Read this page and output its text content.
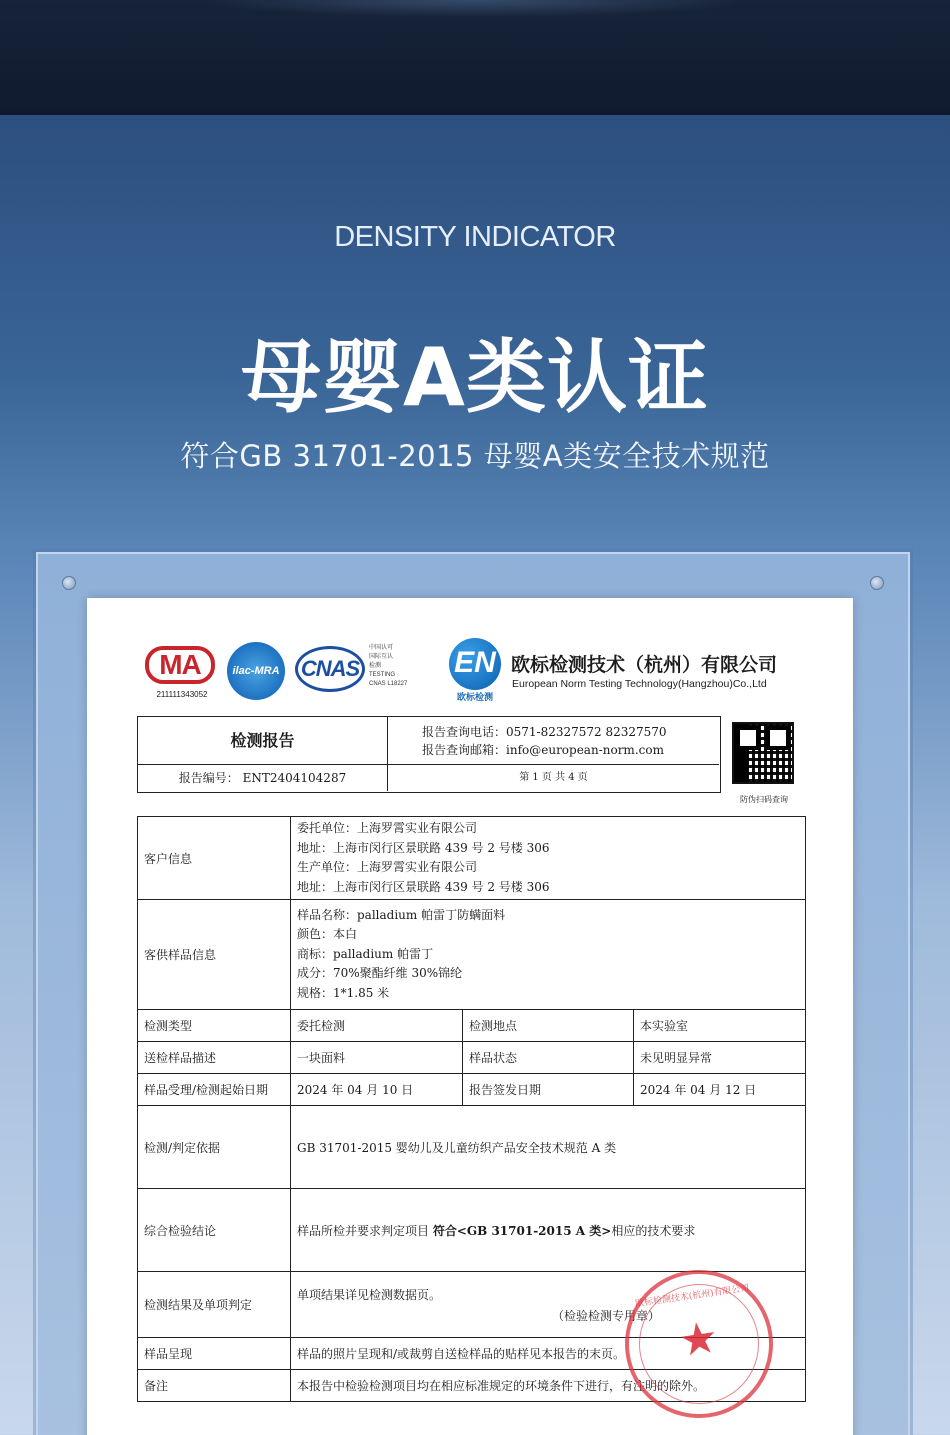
DENSITY INDICATOR
母婴A类认证
符合GB 31701-2015 母婴A类安全技术规范
MA
211111343052
ilac-MRA CNAS
中国认可
国际互认
检测
TESTING
CNAS L18227
EN
欧标检测
欧标检测技术（杭州）有限公司
European Norm Testing Technology(Hangzhou)Co.,Ltd
检测报告	报告查询电话：0571-82327572 82327570
报告查询邮箱：info@european-norm.com
报告编号： ENT2404104287	第 1 页 共 4 页
防伪扫码查询
客户信息	委托单位：上海罗霄实业有限公司
地址：上海市闵行区景联路 439 号 2 号楼 306
生产单位：上海罗霄实业有限公司
地址：上海市闵行区景联路 439 号 2 号楼 306		

客供样品信息	样品名称：palladium 帕雷丁防螨面料
颜色：本白
商标：palladium 帕雷丁
成分：70%聚酯纤维 30%锦纶
规格：1*1.85 米		

检测类型	委托检测	检测地点	本实验室
送检样品描述	一块面料	样品状态	未见明显异常
样品受理/检测起始日期	2024 年 04 月 10 日	报告签发日期	2024 年 04 月 12 日
检测/判定依据	GB 31701-2015 婴幼儿及儿童纺织产品安全技术规范 A 类		
综合检验结论	样品所检并要求判定项目 符合<GB 31701-2015 A 类>相应的技术要求		
检测结果及单项判定	单项结果详见检测数据页。
（检验检测专用章）		

样品呈现	样品的照片呈现和/或裁剪自送检样品的贴样见本报告的末页。		
备注	本报告中检验检测项目均在相应标准规定的环境条件下进行，有注明的除外。		
欧标检测技术(杭州)有限公司
★
